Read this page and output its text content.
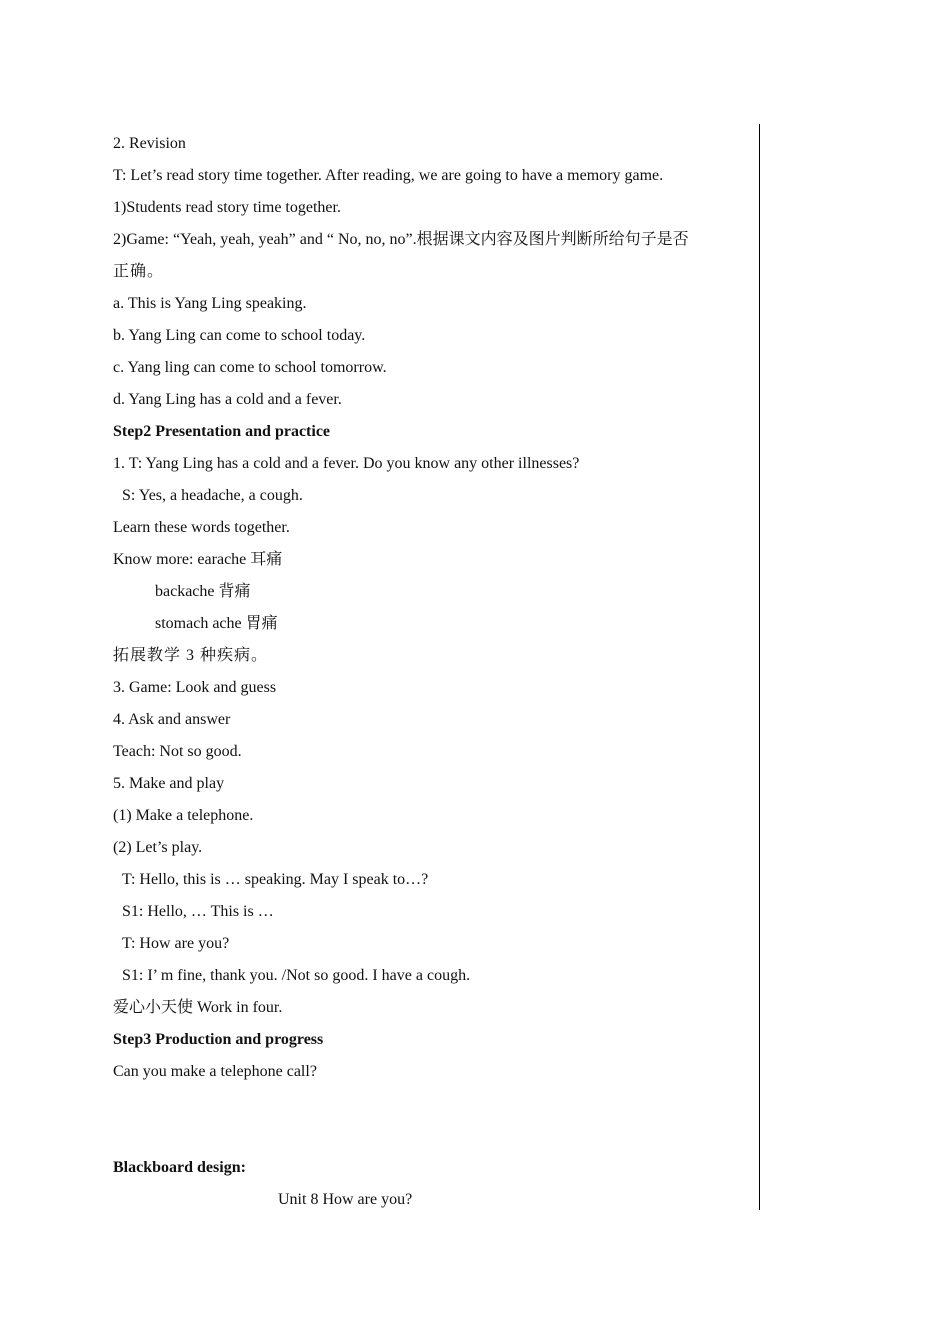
2. Revision
T: Let’s read story time together. After reading, we are going to have a memory game.
1)Students read story time together.
2)Game: “Yeah, yeah, yeah” and “ No, no, no”.根据课文内容及图片判断所给句子是否
正确。
a. This is Yang Ling speaking.
b. Yang Ling can come to school today.
c. Yang ling can come to school tomorrow.
d. Yang Ling has a cold and a fever.
Step2 Presentation and practice
1. T: Yang Ling has a cold and a fever. Do you know any other illnesses?
S: Yes, a headache, a cough.
Learn these words together.
Know more: earache 耳痛
backache 背痛
stomach ache 胃痛
拓展教学 3 种疾病。
3. Game: Look and guess
4. Ask and answer
Teach: Not so good.
5. Make and play
(1) Make a telephone.
(2) Let’s play.
T: Hello, this is … speaking. May I speak to…?
S1: Hello, … This is …
T: How are you?
S1: I’ m fine, thank you. /Not so good. I have a cough.
爱心小天使 Work in four.
Step3 Production and progress
Can you make a telephone call?
Blackboard design:
Unit 8 How are you?
